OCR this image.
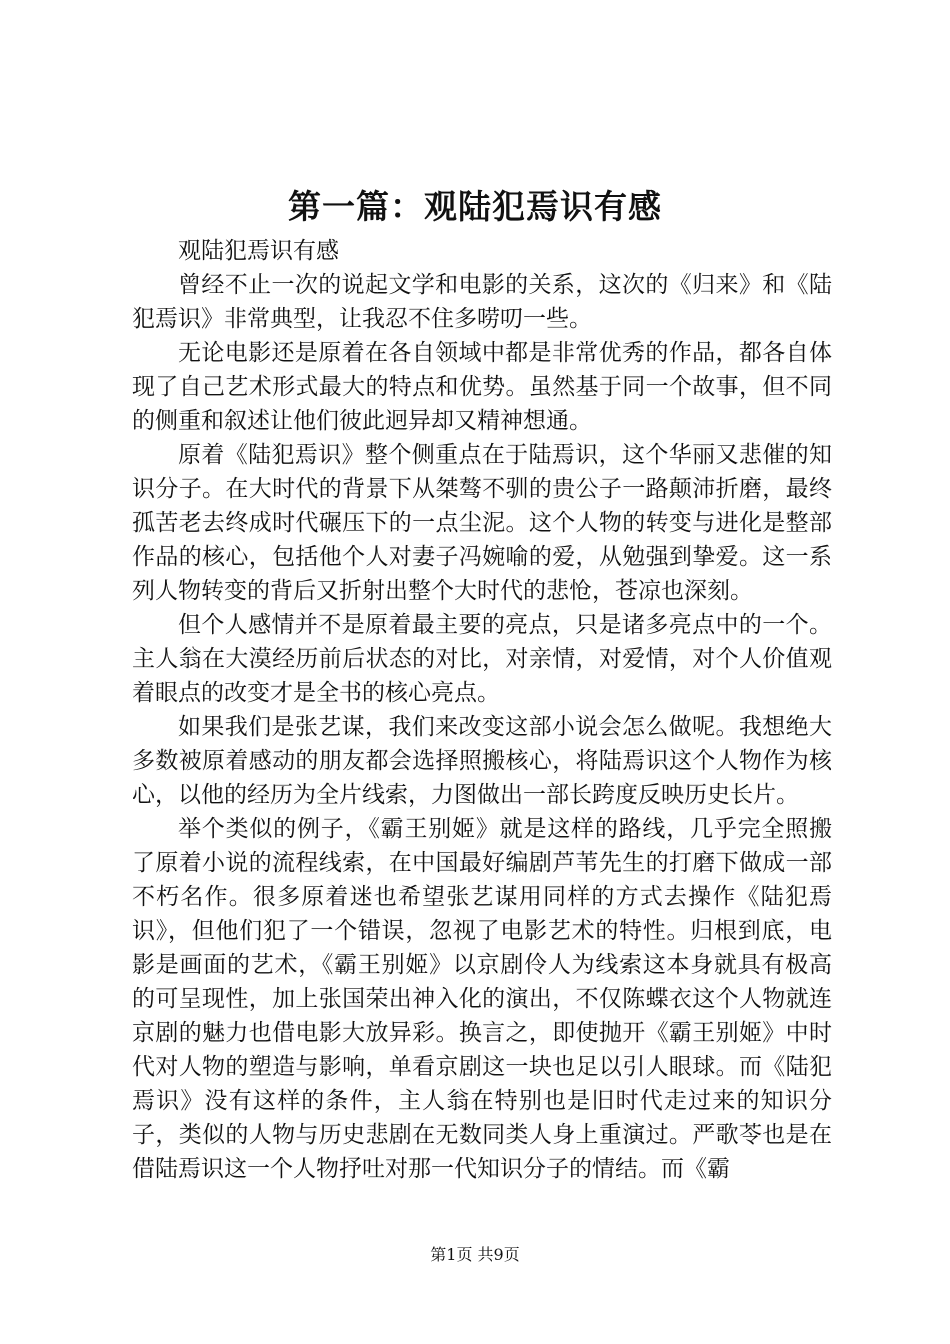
第一篇：观陆犯焉识有感

观陆犯焉识有感

曾经不止一次的说起文学和电影的关系，这次的《归来》和《陆犯焉识》非常典型，让我忍不住多唠叨一些。

无论电影还是原着在各自领域中都是非常优秀的作品，都各自体现了自己艺术形式最大的特点和优势。虽然基于同一个故事，但不同的侧重和叙述让他们彼此迥异却又精神想通。

原着《陆犯焉识》整个侧重点在于陆焉识，这个华丽又悲催的知识分子。在大时代的背景下从桀骜不驯的贵公子一路颠沛折磨，最终孤苦老去终成时代碾压下的一点尘泥。这个人物的转变与进化是整部作品的核心，包括他个人对妻子冯婉喻的爱，从勉强到挚爱。这一系列人物转变的背后又折射出整个大时代的悲怆，苍凉也深刻。

但个人感情并不是原着最主要的亮点，只是诸多亮点中的一个。主人翁在大漠经历前后状态的对比，对亲情，对爱情，对个人价值观着眼点的改变才是全书的核心亮点。

如果我们是张艺谋，我们来改变这部小说会怎么做呢。我想绝大多数被原着感动的朋友都会选择照搬核心，将陆焉识这个人物作为核心，以他的经历为全片线索，力图做出一部长跨度反映历史长片。

举个类似的例子，《霸王别姬》就是这样的路线，几乎完全照搬了原着小说的流程线索，在中国最好编剧芦苇先生的打磨下做成一部不朽名作。很多原着迷也希望张艺谋用同样的方式去操作《陆犯焉识》，但他们犯了一个错误，忽视了电影艺术的特性。归根到底，电影是画面的艺术，《霸王别姬》以京剧伶人为线索这本身就具有极高的可呈现性，加上张国荣出神入化的演出，不仅陈蝶衣这个人物就连京剧的魅力也借电影大放异彩。换言之，即使抛开《霸王别姬》中时代对人物的塑造与影响，单看京剧这一块也足以引人眼球。而《陆犯焉识》没有这样的条件，主人翁在特别也是旧时代走过来的知识分子，类似的人物与历史悲剧在无数同类人身上重演过。严歌苓也是在借陆焉识这一个人物抒吐对那一代知识分子的情结。而《霸

第1页 共9页
